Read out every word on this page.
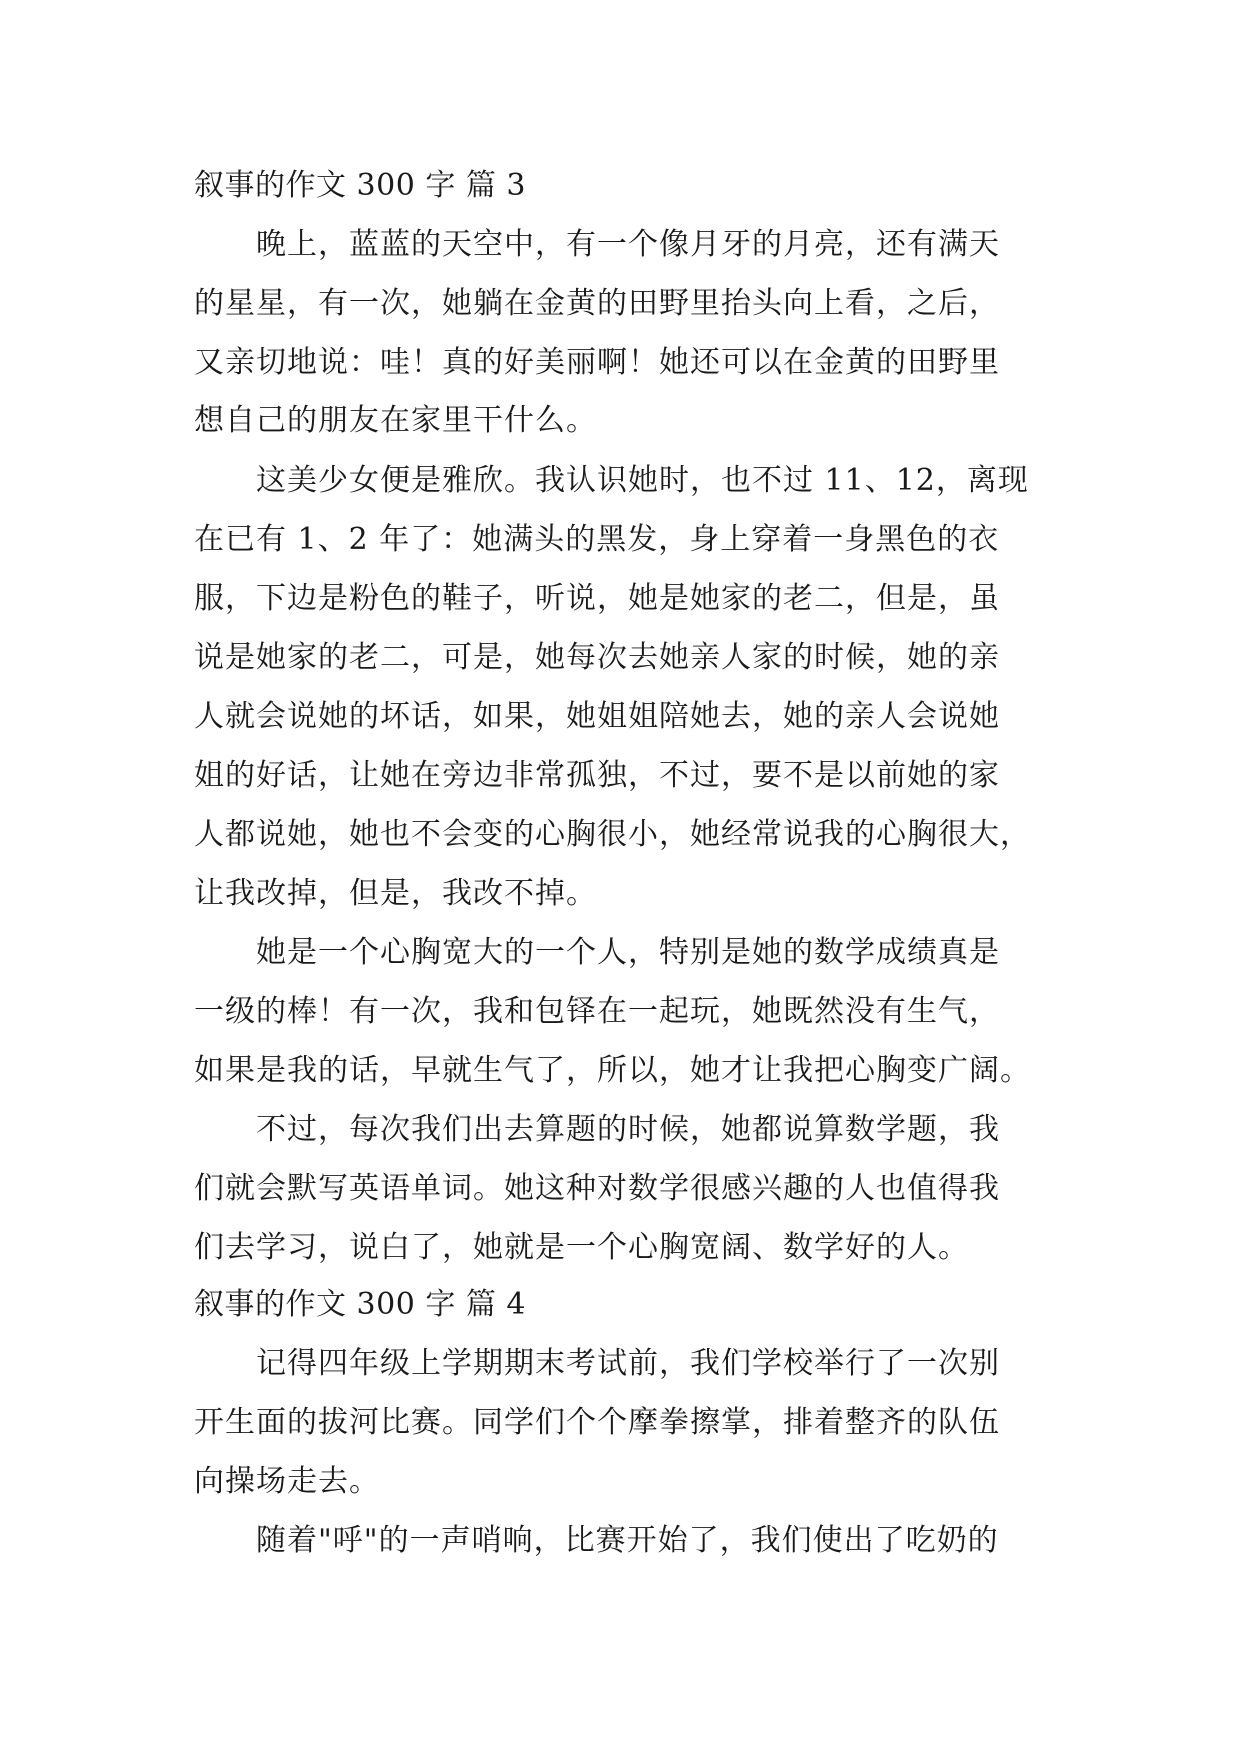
叙事的作文 300 字 篇 3
晚上，蓝蓝的天空中，有一个像月牙的月亮，还有满天
的星星，有一次，她躺在金黄的田野里抬头向上看，之后，
又亲切地说：哇！真的好美丽啊！她还可以在金黄的田野里
想自己的朋友在家里干什么。
这美少女便是雅欣。我认识她时，也不过 11、12，离现
在已有 1、2 年了：她满头的黑发，身上穿着一身黑色的衣
服，下边是粉色的鞋子，听说，她是她家的老二，但是，虽
说是她家的老二，可是，她每次去她亲人家的时候，她的亲
人就会说她的坏话，如果，她姐姐陪她去，她的亲人会说她
姐的好话，让她在旁边非常孤独，不过，要不是以前她的家
人都说她，她也不会变的心胸很小，她经常说我的心胸很大，
让我改掉，但是，我改不掉。
她是一个心胸宽大的一个人，特别是她的数学成绩真是
一级的棒！有一次，我和包铎在一起玩，她既然没有生气，
如果是我的话，早就生气了，所以，她才让我把心胸变广阔。
不过，每次我们出去算题的时候，她都说算数学题，我
们就会默写英语单词。她这种对数学很感兴趣的人也值得我
们去学习，说白了，她就是一个心胸宽阔、数学好的人。
叙事的作文 300 字 篇 4
记得四年级上学期期末考试前，我们学校举行了一次别
开生面的拔河比赛。同学们个个摩拳擦掌，排着整齐的队伍
向操场走去。
随着"呼"的一声哨响，比赛开始了，我们使出了吃奶的
